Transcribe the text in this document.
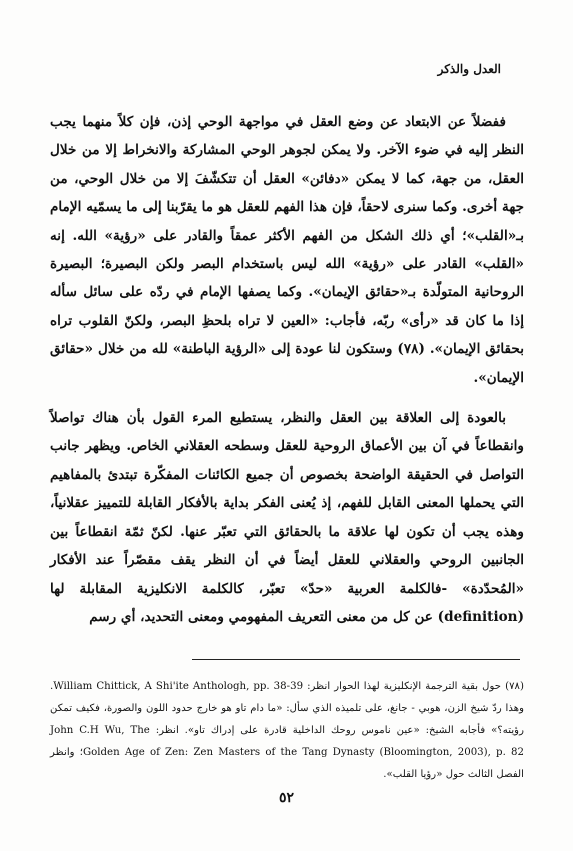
العدل والذكر

ففضلاً عن الابتعاد عن وضع العقل في مواجهة الوحي إذن، فإن كلاً منهما يجب النظر إليه في ضوء الآخر. ولا يمكن لجوهر الوحي المشاركة والانخراط إلا من خلال العقل، من جهة، كما لا يمكن «دفائن» العقل أن تتكشّفَ إلا من خلال الوحي، من جهة أخرى. وكما سنرى لاحقاً، فإن هذا الفهم للعقل هو ما يقرّبنا إلى ما يسمّيه الإمام بـ«القلب»؛ أي ذلك الشكل من الفهم الأكثر عمقاً والقادر على «رؤية» الله. إنه «القلب» القادر على «رؤية» الله ليس باستخدام البصر ولكن البصيرة؛ البصيرة الروحانية المتولّدة بـ«حقائق الإيمان». وكما يصفها الإمام في ردّه على سائل سأله إذا ما كان قد «رأى» ربّه، فأجاب: «العين لا تراه بلحظِ البصر، ولكنّ القلوب تراه بحقائق الإيمان». (٧٨) وستكون لنا عودة إلى «الرؤية الباطنة» لله من خلال «حقائق الإيمان».

بالعودة إلى العلاقة بين العقل والنظر، يستطيع المرء القول بأن هناك تواصلاً وانقطاعاً في آن بين الأعماق الروحية للعقل وسطحه العقلاني الخاص. ويظهر جانب التواصل في الحقيقة الواضحة بخصوص أن جميع الكائنات المفكّرة تبتدئ بالمفاهيم التي يحملها المعنى القابل للفهم، إذ يُعنى الفكر بداية بالأفكار القابلة للتمييز عقلانياً، وهذه يجب أن تكون لها علاقة ما بالحقائق التي تعبّر عنها. لكنّ ثمّة انقطاعاً بين الجانبين الروحي والعقلاني للعقل أيضاً في أن النظر يقف مقصّراً عند الأفكار «المُحدّدة» -فالكلمة العربية «حدّ» تعبّر، كالكلمة الانكليزية المقابلة لها (definition) عن كل من معنى التعريف المفهومي ومعنى التحديد، أي رسم

(٧٨) حول بقية الترجمة الإنكليزية لهذا الحوار انظر: William Chittick, A Shi'ite Anthologh, pp. 38-39. وهذا ردّ شيخ الزن، هوبي - جانغ، على تلميذه الذي سأل: «ما دام تاو هو خارج حدود اللون والصورة، فكيف تمكن رؤيته؟» فأجابه الشيخ: «عين ناموس روحك الداخلية قادرة على إدراك تاو». انظر: John C.H Wu, The Golden Age of Zen: Zen Masters of the Tang Dynasty (Bloomington, 2003), p. 82؛ وانظر الفصل الثالث حول «رؤيا القلب».

٥٢
